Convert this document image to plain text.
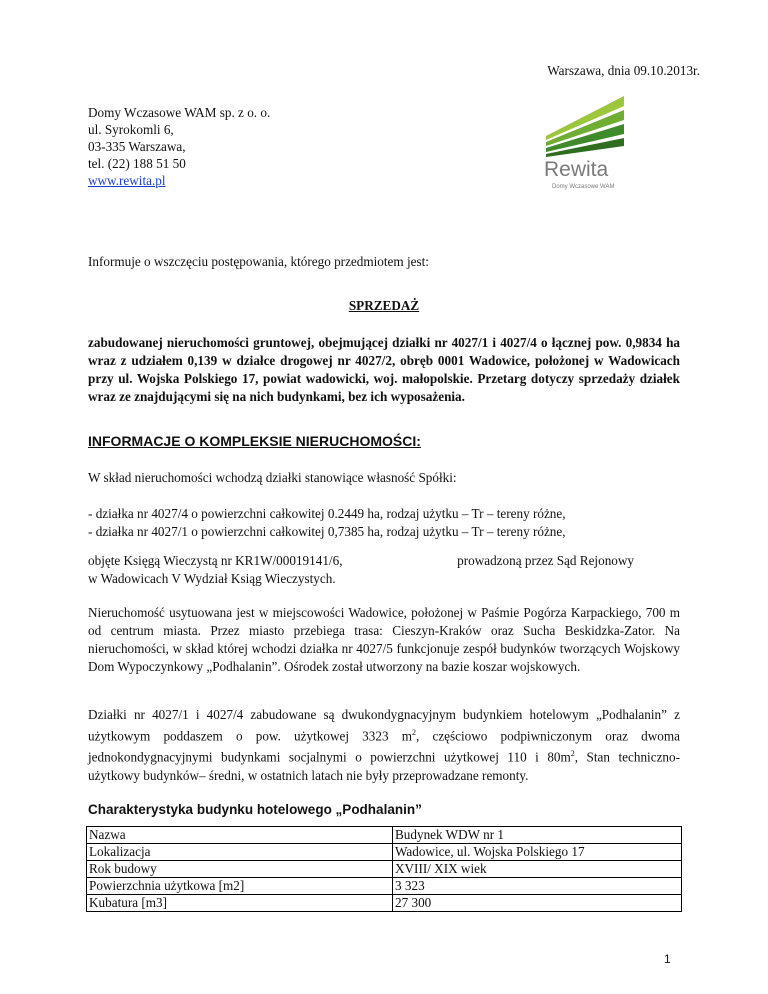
Warszawa, dnia 09.10.2013r.
Domy Wczasowe WAM sp. z o. o.
ul. Syrokomli 6,
03-335 Warszawa,
tel. (22) 188 51 50
www.rewita.pl	Rewita
Domy Wczasowe WAM
Informuje o wszczęciu postępowania, którego przedmiotem jest:
SPRZEDAŻ
zabudowanej nieruchomości gruntowej, obejmującej działki nr 4027/1 i 4027/4 o łącznej pow. 0,9834 ha wraz z udziałem 0,139 w działce drogowej nr 4027/2, obręb 0001 Wadowice, położonej w Wadowicach przy ul. Wojska Polskiego 17, powiat wadowicki, woj. małopolskie. Przetarg dotyczy sprzedaży działek wraz ze znajdującymi się na nich budynkami, bez ich wyposażenia.
INFORMACJE O KOMPLEKSIE NIERUCHOMOŚCI:
W skład nieruchomości wchodzą działki stanowiące własność Spółki:
- działka nr 4027/4 o powierzchni całkowitej 0.2449 ha, rodzaj użytku – Tr – tereny różne,
- działka nr 4027/1 o powierzchni całkowitej 0,7385 ha, rodzaj użytku – Tr – tereny różne,
objęte Księgą Wieczystą nr KR1W/00019141/6,	prowadzoną przez Sąd Rejonowy
w Wadowicach V Wydział Ksiąg Wieczystych.
Nieruchomość usytuowana jest w miejscowości Wadowice, położonej w Paśmie Pogórza Karpackiego, 700 m od centrum miasta. Przez miasto przebiega trasa: Cieszyn-Kraków oraz Sucha Beskidzka-Zator. Na nieruchomości, w skład której wchodzi działka nr 4027/5 funkcjonuje zespół budynków tworzących Wojskowy Dom Wypoczynkowy „Podhalanin”. Ośrodek został utworzony na bazie koszar wojskowych.
Działki nr 4027/1 i 4027/4 zabudowane są dwukondygnacyjnym budynkiem hotelowym „Podhalanin” z użytkowym poddaszem o pow. użytkowej 3323 $m^2$, częściowo podpiwniczonym oraz dwoma jednokondygnacyjnymi budynkami socjalnymi o powierzchni użytkowej 110 i $80m^2$, Stan techniczno-użytkowy budynków– średni, w ostatnich latach nie były przeprowadzane remonty.
Charakterystyka budynku hotelowego „Podhalanin”
Nazwa	Budynek WDW nr 1
Lokalizacja	Wadowice, ul. Wojska Polskiego 17
Rok budowy	XVIII/ XIX wiek
Powierzchnia użytkowa [m2]	3 323
Kubatura [m3]	27 300
1
